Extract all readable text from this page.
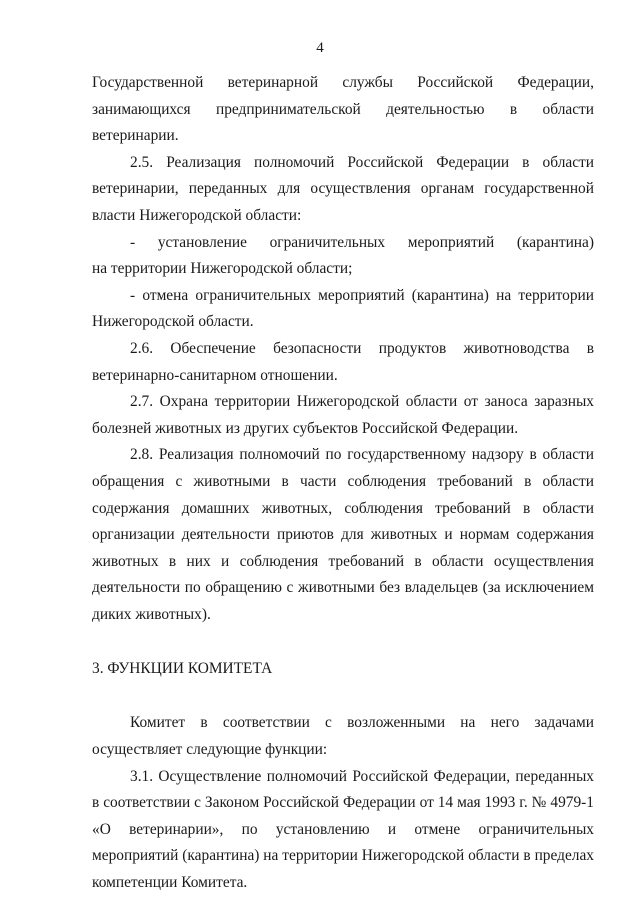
4

Государственной ветеринарной службы Российской Федерации, занимающихся предпринимательской деятельностью в области ветеринарии.

2.5. Реализация полномочий Российской Федерации в области ветеринарии, переданных для осуществления органам государственной власти Нижегородской области:

- установление ограничительных мероприятий (карантина)

на территории Нижегородской области;

- отмена ограничительных мероприятий (карантина) на территории Нижегородской области.

2.6. Обеспечение безопасности продуктов животноводства в ветеринарно-санитарном отношении.

2.7. Охрана территории Нижегородской области от заноса заразных болезней животных из других субъектов Российской Федерации.

2.8. Реализация полномочий по государственному надзору в области обращения с животными в части соблюдения требований в области содержания домашних животных, соблюдения требований в области организации деятельности приютов для животных и нормам содержания животных в них и соблюдения требований в области осуществления деятельности по обращению с животными без владельцев (за исключением диких животных).

3. ФУНКЦИИ КОМИТЕТА

Комитет в соответствии с возложенными на него задачами осуществляет следующие функции:

3.1. Осуществление полномочий Российской Федерации, переданных в соответствии с Законом Российской Федерации от 14 мая 1993 г. № 4979-1 «О ветеринарии», по установлению и отмене ограничительных мероприятий (карантина) на территории Нижегородской области в пределах компетенции Комитета.
